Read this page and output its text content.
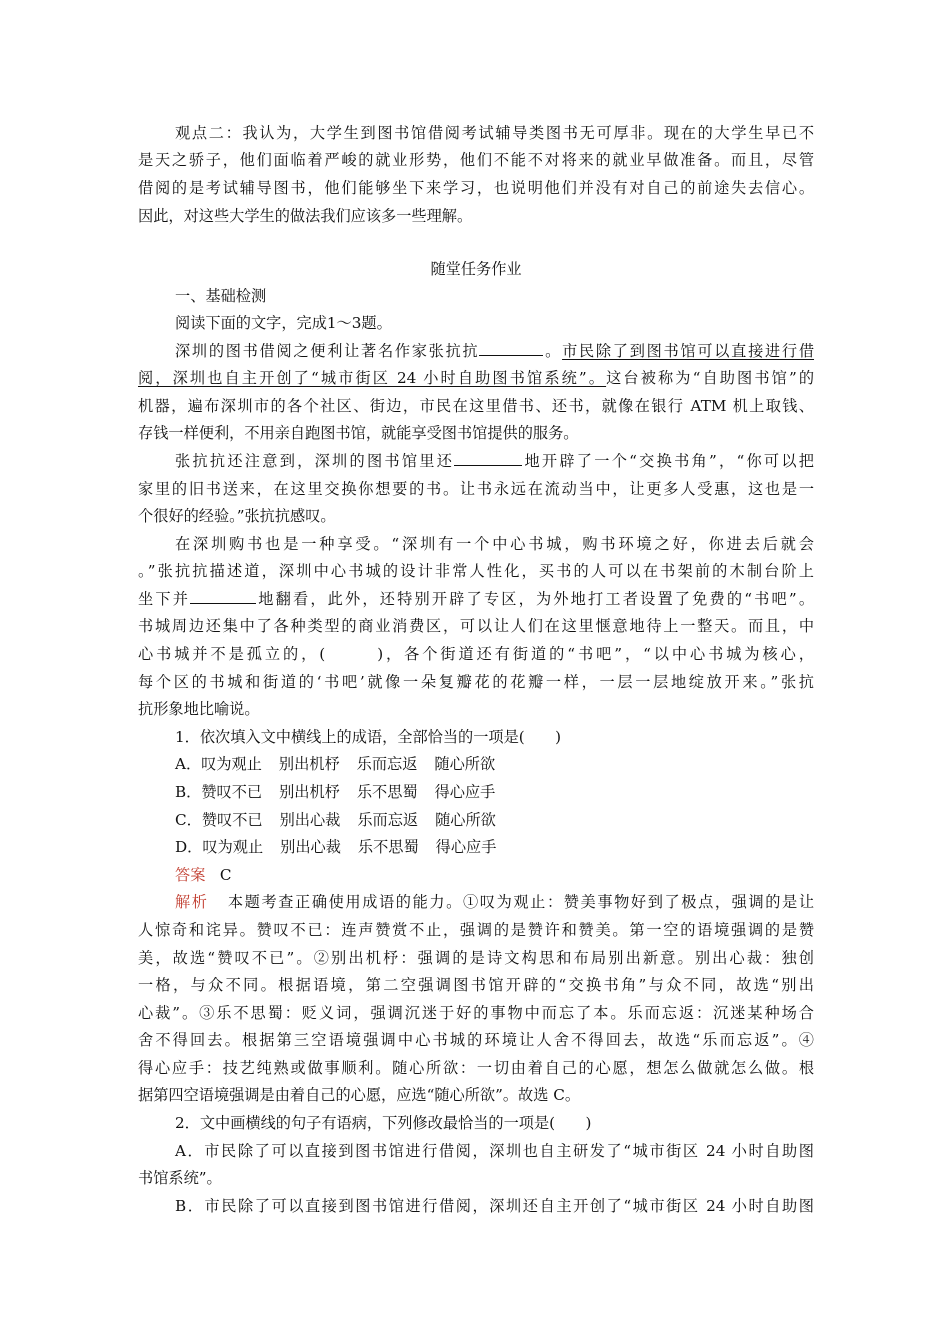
观点二：我认为，大学生到图书馆借阅考试辅导类图书无可厚非。现在的大学生早已不
是天之骄子，他们面临着严峻的就业形势，他们不能不对将来的就业早做准备。而且，尽管
借阅的是考试辅导图书，他们能够坐下来学习，也说明他们并没有对自己的前途失去信心。
因此，对这些大学生的做法我们应该多一些理解。
随堂任务作业
一、基础检测
阅读下面的文字，完成1～3题。
深圳的图书借阅之便利让著名作家张抗抗	。市民除了到图书馆可以直接进行借
阅，深圳也自主开创了“城市街区 24 小时自助图书馆系统”。这台被称为“自助图书馆”的
机器，遍布深圳市的各个社区、街边，市民在这里借书、还书，就像在银行 ATM 机上取钱、
存钱一样便利，不用亲自跑图书馆，就能享受图书馆提供的服务。
张抗抗还注意到，深圳的图书馆里还	地开辟了一个“交换书角”，“你可以把
家里的旧书送来，在这里交换你想要的书。让书永远在流动当中，让更多人受惠，这也是一
个很好的经验。”张抗抗感叹。
在深圳购书也是一种享受。“深圳有一个中心书城，购书环境之好，你进去后就会
。”张抗抗描述道，深圳中心书城的设计非常人性化，买书的人可以在书架前的木制台阶上
坐下并	地翻看，此外，还特别开辟了专区，为外地打工者设置了免费的“书吧”。
书城周边还集中了各种类型的商业消费区，可以让人们在这里惬意地待上一整天。而且，中
心书城并不是孤立的，(	)，各个街道还有街道的“书吧”，“以中心书城为核心，
每个区的书城和街道的‘书吧’就像一朵复瓣花的花瓣一样，一层一层地绽放开来。”张抗
抗形象地比喻说。
1．依次填入文中横线上的成语，全部恰当的一项是(　　)
A．叹为观止 别出机杼 乐而忘返 随心所欲
B．赞叹不已 别出机杼 乐不思蜀 得心应手
C．赞叹不已 别出心裁 乐而忘返 随心所欲
D．叹为观止 别出心裁 乐不思蜀 得心应手
答案 C
解析 本题考查正确使用成语的能力。①叹为观止：赞美事物好到了极点，强调的是让
人惊奇和诧异。赞叹不已：连声赞赏不止，强调的是赞许和赞美。第一空的语境强调的是赞
美，故选“赞叹不已”。②别出机杼：强调的是诗文构思和布局别出新意。别出心裁：独创
一格，与众不同。根据语境，第二空强调图书馆开辟的“交换书角”与众不同，故选“别出
心裁”。③乐不思蜀：贬义词，强调沉迷于好的事物中而忘了本。乐而忘返：沉迷某种场合
舍不得回去。根据第三空语境强调中心书城的环境让人舍不得回去，故选“乐而忘返”。④
得心应手：技艺纯熟或做事顺利。随心所欲：一切由着自己的心愿，想怎么做就怎么做。根
据第四空语境强调是由着自己的心愿，应选“随心所欲”。故选 C。
2．文中画横线的句子有语病，下列修改最恰当的一项是(　　)
A．市民除了可以直接到图书馆进行借阅，深圳也自主研发了“城市街区 24 小时自助图
书馆系统”。
B．市民除了可以直接到图书馆进行借阅，深圳还自主开创了“城市街区 24 小时自助图
